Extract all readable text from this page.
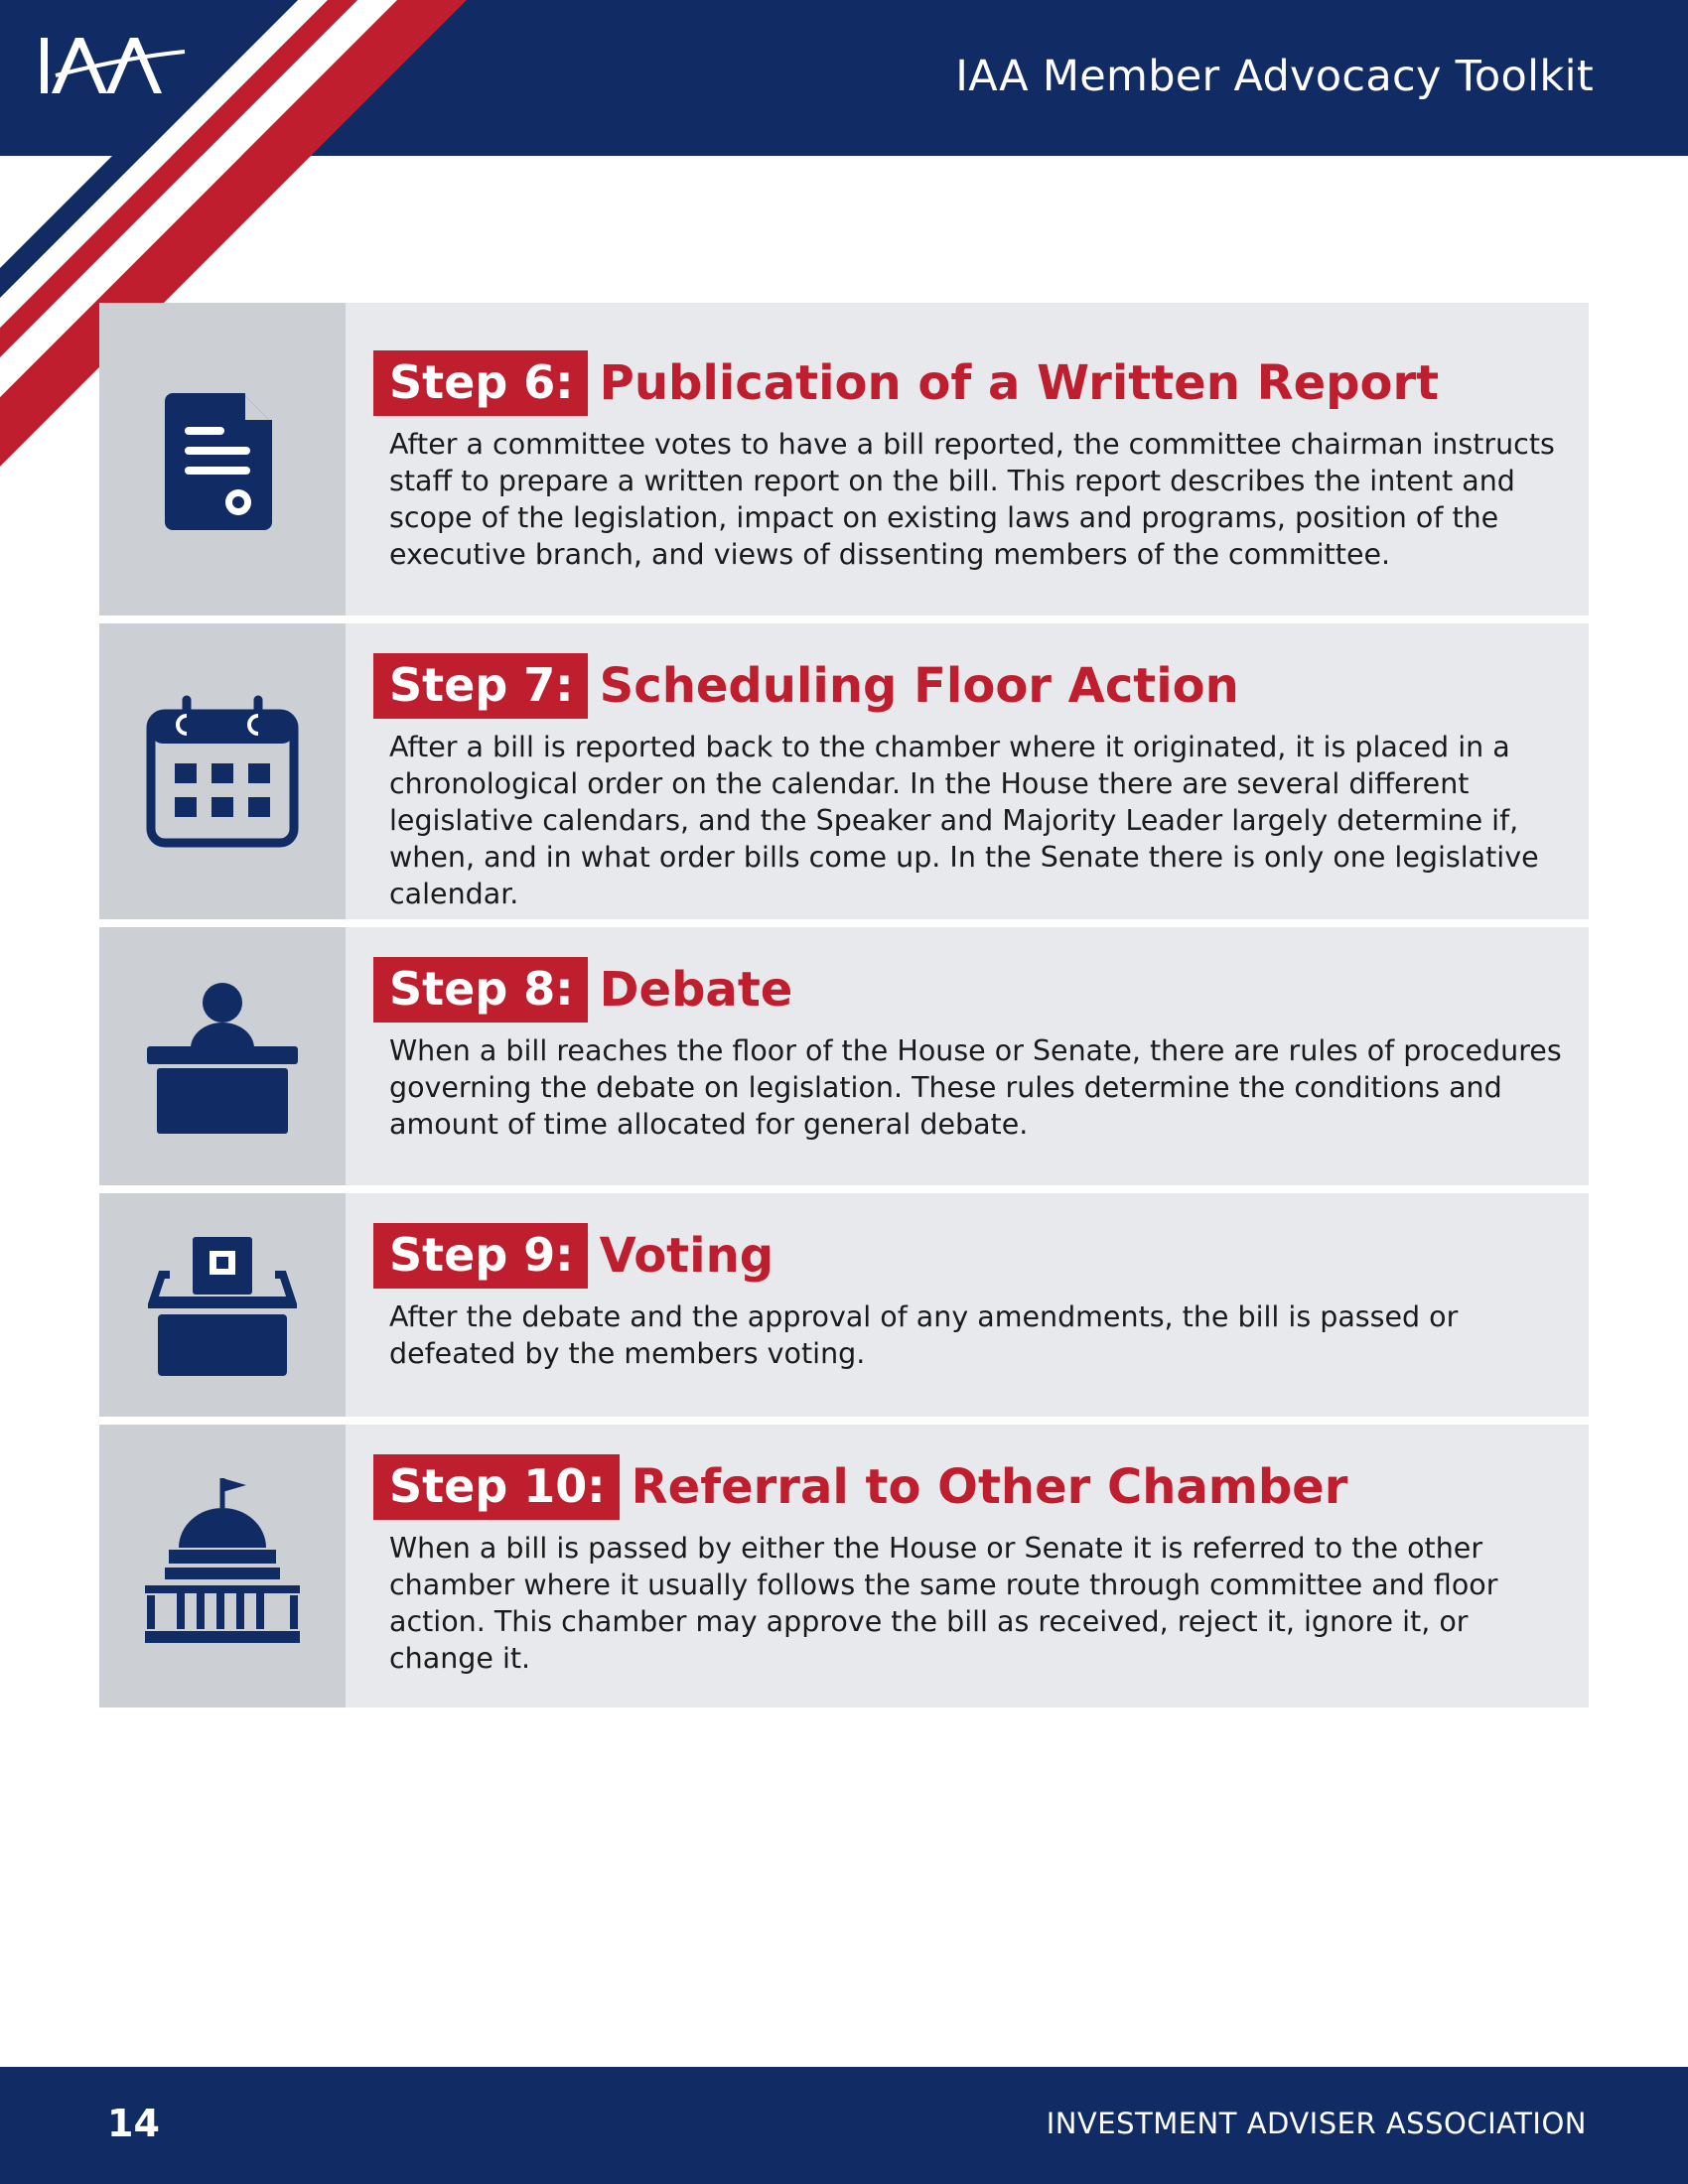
IAA Member Advocacy Toolkit
Step 6: Publication of a Written Report
After a committee votes to have a bill reported, the committee chairman instructs staff to prepare a written report on the bill. This report describes the intent and scope of the legislation, impact on existing laws and programs, position of the executive branch, and views of dissenting members of the committee.
Step 7: Scheduling Floor Action
After a bill is reported back to the chamber where it originated, it is placed in a chronological order on the calendar. In the House there are several different legislative calendars, and the Speaker and Majority Leader largely determine if, when, and in what order bills come up. In the Senate there is only one legislative calendar.
Step 8: Debate
When a bill reaches the floor of the House or Senate, there are rules of procedures governing the debate on legislation. These rules determine the conditions and amount of time allocated for general debate.
Step 9: Voting
After the debate and the approval of any amendments, the bill is passed or defeated by the members voting.
Step 10: Referral to Other Chamber
When a bill is passed by either the House or Senate it is referred to the other chamber where it usually follows the same route through committee and floor action. This chamber may approve the bill as received, reject it, ignore it, or change it.
14	INVESTMENT ADVISER ASSOCIATION
